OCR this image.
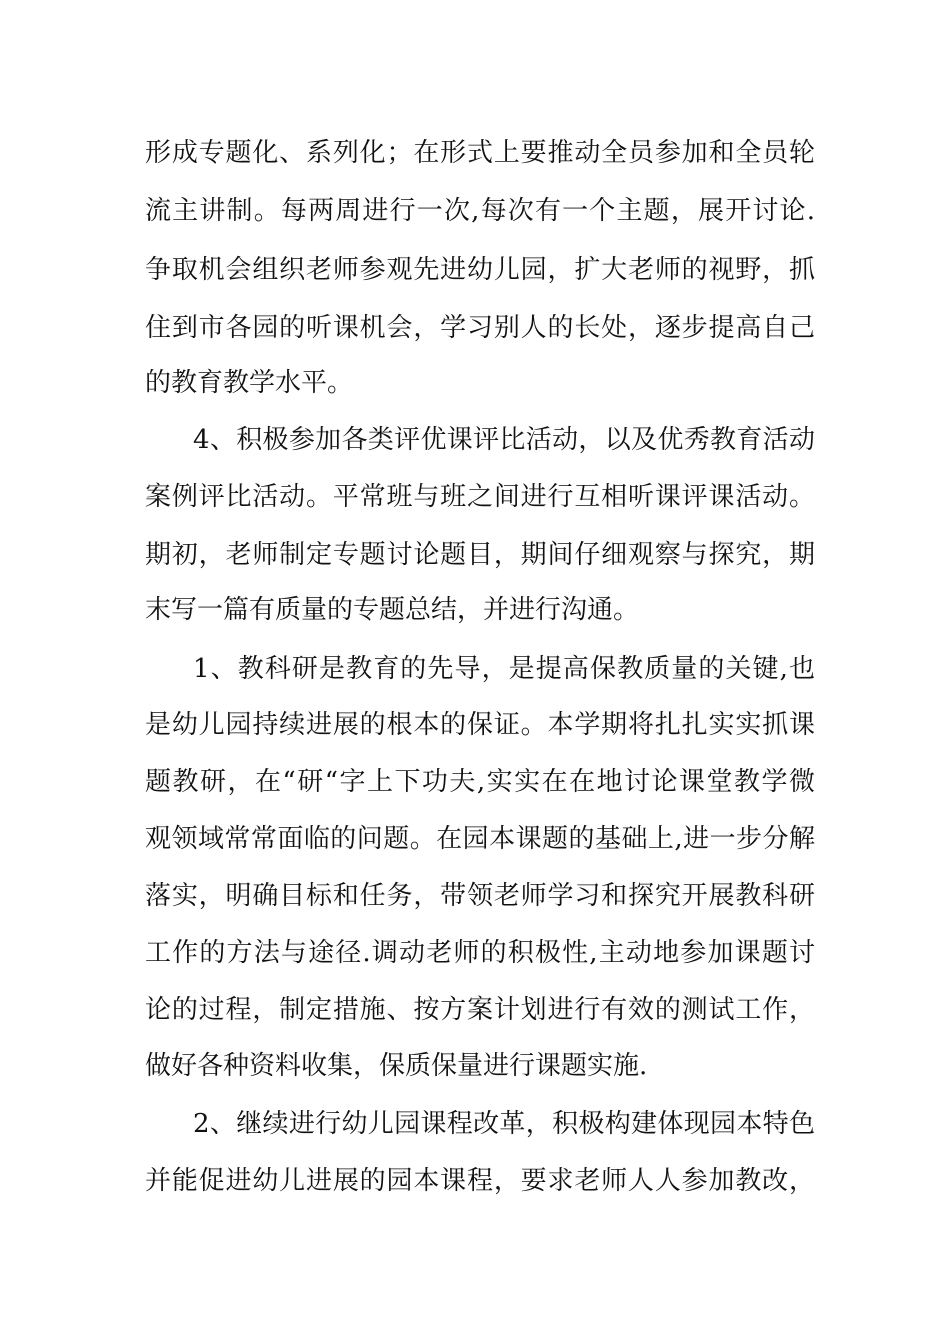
形成专题化、系列化；在形式上要推动全员参加和全员轮
流主讲制。每两周进行一次,每次有一个主题，展开讨论.
争取机会组织老师参观先进幼儿园，扩大老师的视野，抓
住到市各园的听课机会，学习别人的长处，逐步提高自己
的教育教学水平。
4、积极参加各类评优课评比活动，以及优秀教育活动
案例评比活动。平常班与班之间进行互相听课评课活动。
期初，老师制定专题讨论题目，期间仔细观察与探究，期
末写一篇有质量的专题总结，并进行沟通。
1、教科研是教育的先导，是提高保教质量的关键,也
是幼儿园持续进展的根本的保证。本学期将扎扎实实抓课
题教研，在“研“字上下功夫,实实在在地讨论课堂教学微
观领域常常面临的问题。在园本课题的基础上,进一步分解
落实，明确目标和任务，带领老师学习和探究开展教科研
工作的方法与途径.调动老师的积极性,主动地参加课题讨
论的过程，制定措施、按方案计划进行有效的测试工作，
做好各种资料收集，保质保量进行课题实施.
2、继续进行幼儿园课程改革，积极构建体现园本特色
并能促进幼儿进展的园本课程，要求老师人人参加教改，
